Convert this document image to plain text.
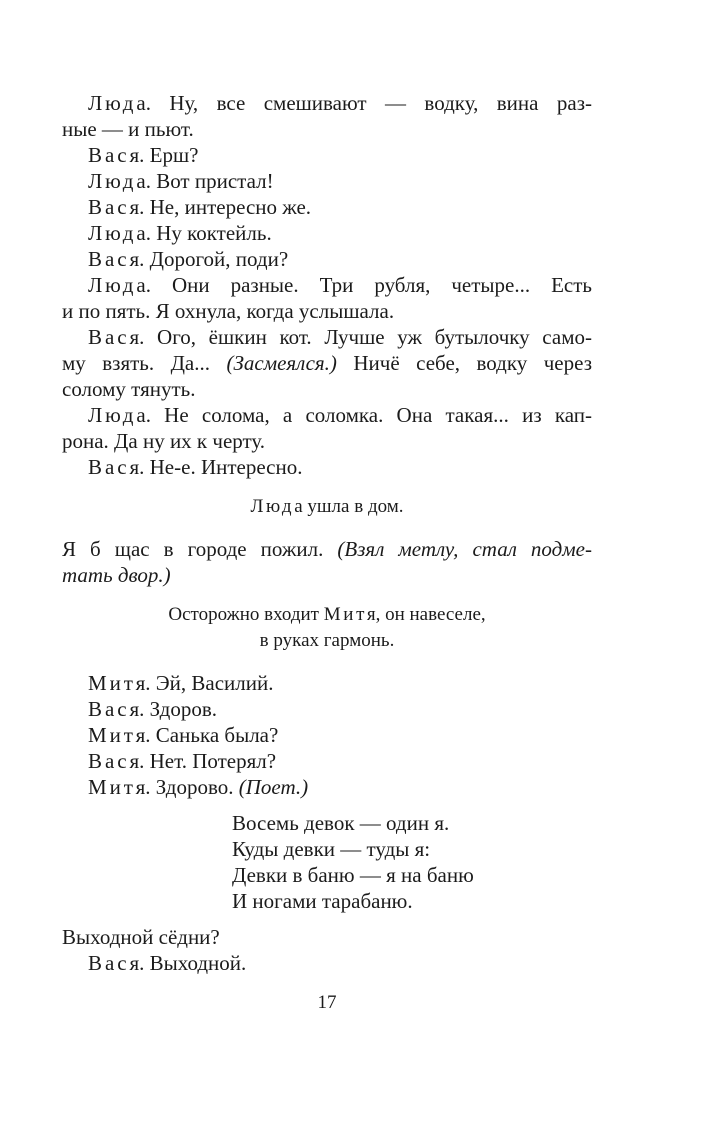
Люда. Ну, все смешивают — водку, вина раз-
ные — и пьют.
Вася. Ерш?
Люда. Вот пристал!
Вася. Не, интересно же.
Люда. Ну коктейль.
Вася. Дорогой, поди?
Люда. Они разные. Три рубля, четыре... Есть
и по пять. Я охнула, когда услышала.
Вася. Ого, ёшкин кот. Лучше уж бутылочку само-
му взять. Да... (Засмеялся.) Ничё себе, водку через
солому тянуть.
Люда. Не солома, а соломка. Она такая... из кап-
рона. Да ну их к черту.
Вася. Не-е. Интересно.
Люда ушла в дом.
Я б щас в городе пожил. (Взял метлу, стал подме-
тать двор.)
Осторожно входит Митя, он навеселе,
в руках гармонь.
Митя. Эй, Василий.
Вася. Здоров.
Митя. Санька была?
Вася. Нет. Потерял?
Митя. Здорово. (Поет.)
Восемь девок — один я.
Куды девки — туды я:
Девки в баню — я на баню
И ногами тарабаню.
Выходной сёдни?
Вася. Выходной.
17
